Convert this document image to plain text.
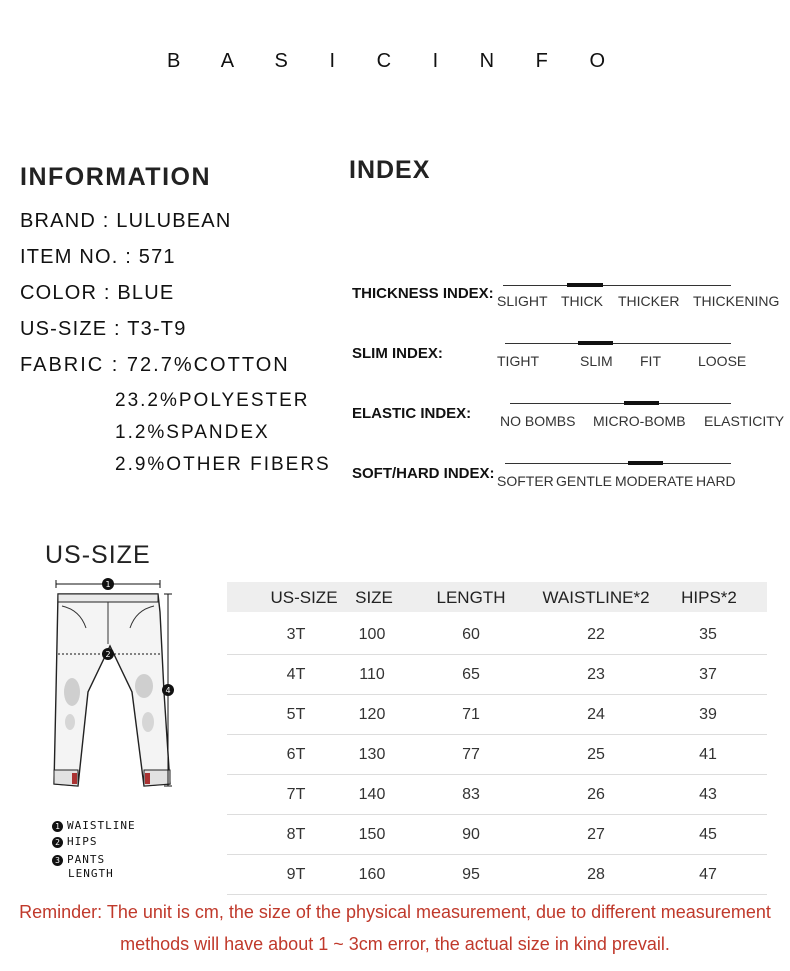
B A S I C I N F O
INFORMATION
BRAND : LULUBEAN
ITEM NO. : 571
COLOR : BLUE
US-SIZE : T3-T9
FABRIC : 72.7%COTTON
23.2%POLYESTER
1.2%SPANDEX
2.9%OTHER FIBERS
INDEX
THICKNESS INDEX: SLIGHT THICK THICKER THICKENING
SLIM INDEX:	TIGHT	SLIM FIT	LOOSE
ELASTIC INDEX: NO BOMBS MICRO-BOMB ELASTICITY
SOFT/HARD INDEX: SOFTER GENTLE MODERATE HARD
US-SIZE
1
2
4
1 WAISTLINE
2 HIPS
3 PANTS
LENGTH
US-SIZE SIZE	LENGTH WAISTLINE*2 HIPS*2
3T	100	60	22	35
4T	110	65	23	37
5T	120	71	24	39
6T	130	77	25	41
7T	140	83	26	43
8T	150	90	27	45
9T	160	95	28	47
Reminder: The unit is cm, the size of the physical measurement, due to different measurement
methods will have about 1 ~ 3cm error, the actual size in kind prevail.
